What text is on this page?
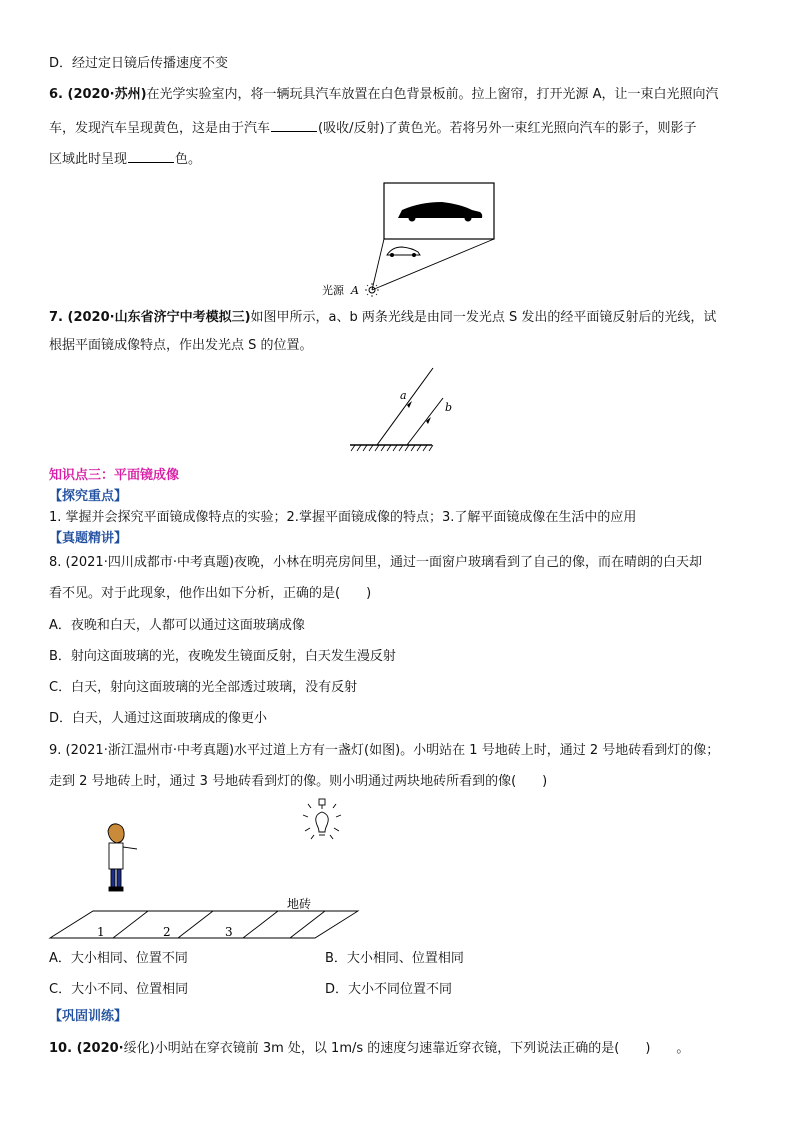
D．经过定日镜后传播速度不变
6. (2020·苏州)在光学实验室内，将一辆玩具汽车放置在白色背景板前。拉上窗帘，打开光源 A，让一束白光照向汽
车，发现汽车呈现黄色，这是由于汽车	(吸收/反射)了黄色光。若将另外一束红光照向汽车的影子，则影子
区域此时呈现	色。
光源 A
7. (2020·山东省济宁中考模拟三)如图甲所示，a、b 两条光线是由同一发光点 S 发出的经平面镜反射后的光线，试
根据平面镜成像特点，作出发光点 S 的位置。
a
b
知识点三：平面镜成像
【探究重点】
1. 掌握并会探究平面镜成像特点的实验；2.掌握平面镜成像的特点；3.了解平面镜成像在生活中的应用
【真题精讲】
8. (2021·四川成都市·中考真题)夜晚，小林在明亮房间里，通过一面窗户玻璃看到了自己的像，而在晴朗的白天却
看不见。对于此现象，他作出如下分析，正确的是(　　)
A．夜晚和白天，人都可以通过这面玻璃成像
B．射向这面玻璃的光，夜晚发生镜面反射，白天发生漫反射
C．白天，射向这面玻璃的光全部透过玻璃，没有反射
D．白天，人通过这面玻璃成的像更小
9. (2021·浙江温州市·中考真题)水平过道上方有一盏灯(如图)。小明站在 1 号地砖上时，通过 2 号地砖看到灯的像；
走到 2 号地砖上时，通过 3 号地砖看到灯的像。则小明通过两块地砖所看到的像(　　)
地砖
1	2	3
A．大小相同、位置不同	B．大小相同、位置相同
C．大小不同、位置相同	D．大小不同位置不同
【巩固训练】
10. (2020·绥化)小明站在穿衣镜前 3m 处，以 1m/s 的速度匀速靠近穿衣镜，下列说法正确的是(　　)　　。
